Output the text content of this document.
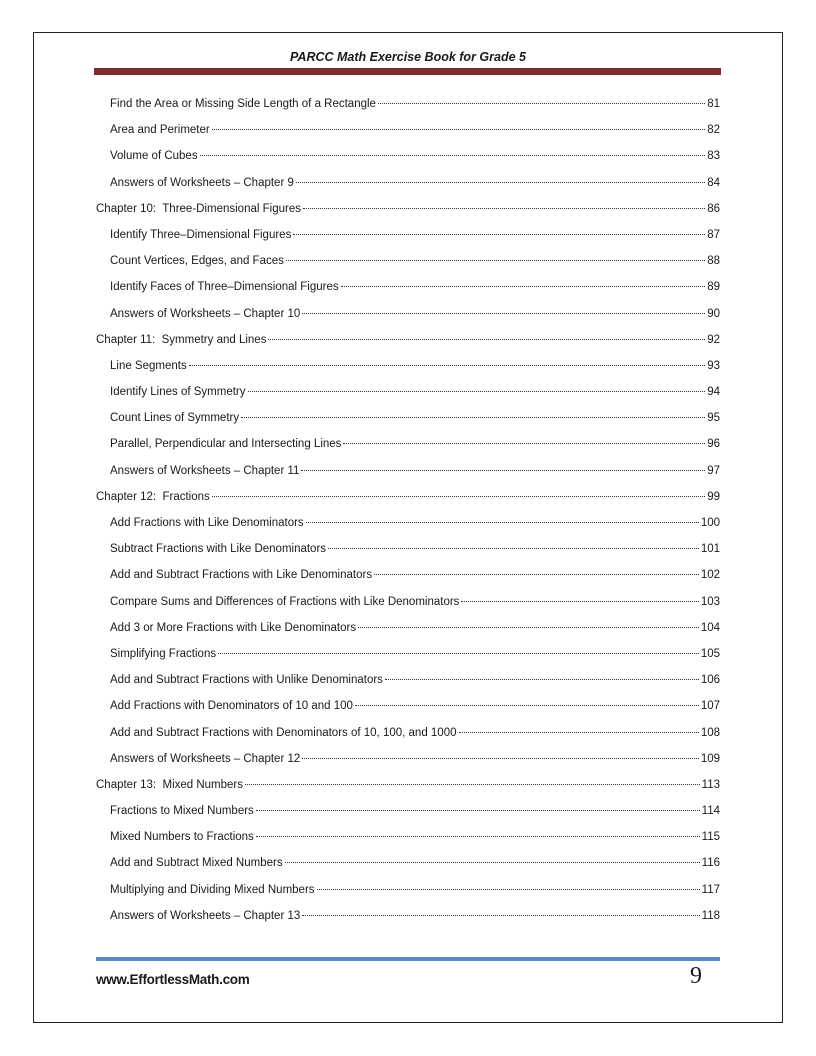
PARCC Math Exercise Book for Grade 5
Find the Area or Missing Side Length of a Rectangle	81
Area and Perimeter	82
Volume of Cubes	83
Answers of Worksheets – Chapter 9	84
Chapter 10:  Three-Dimensional Figures	86
Identify Three–Dimensional Figures	87
Count Vertices, Edges, and Faces	88
Identify Faces of Three–Dimensional Figures	89
Answers of Worksheets – Chapter 10	90
Chapter 11:  Symmetry and Lines	92
Line Segments	93
Identify Lines of Symmetry	94
Count Lines of Symmetry	95
Parallel, Perpendicular and Intersecting Lines	96
Answers of Worksheets – Chapter 11	97
Chapter 12:  Fractions	99
Add Fractions with Like Denominators	100
Subtract Fractions with Like Denominators	101
Add and Subtract Fractions with Like Denominators	102
Compare Sums and Differences of Fractions with Like Denominators	103
Add 3 or More Fractions with Like Denominators	104
Simplifying Fractions	105
Add and Subtract Fractions with Unlike Denominators	106
Add Fractions with Denominators of 10 and 100	107
Add and Subtract Fractions with Denominators of 10, 100, and 1000	108
Answers of Worksheets – Chapter 12	109
Chapter 13:  Mixed Numbers	113
Fractions to Mixed Numbers	114
Mixed Numbers to Fractions	115
Add and Subtract Mixed Numbers	116
Multiplying and Dividing Mixed Numbers	117
Answers of Worksheets – Chapter 13	118
www.EffortlessMath.com	9
